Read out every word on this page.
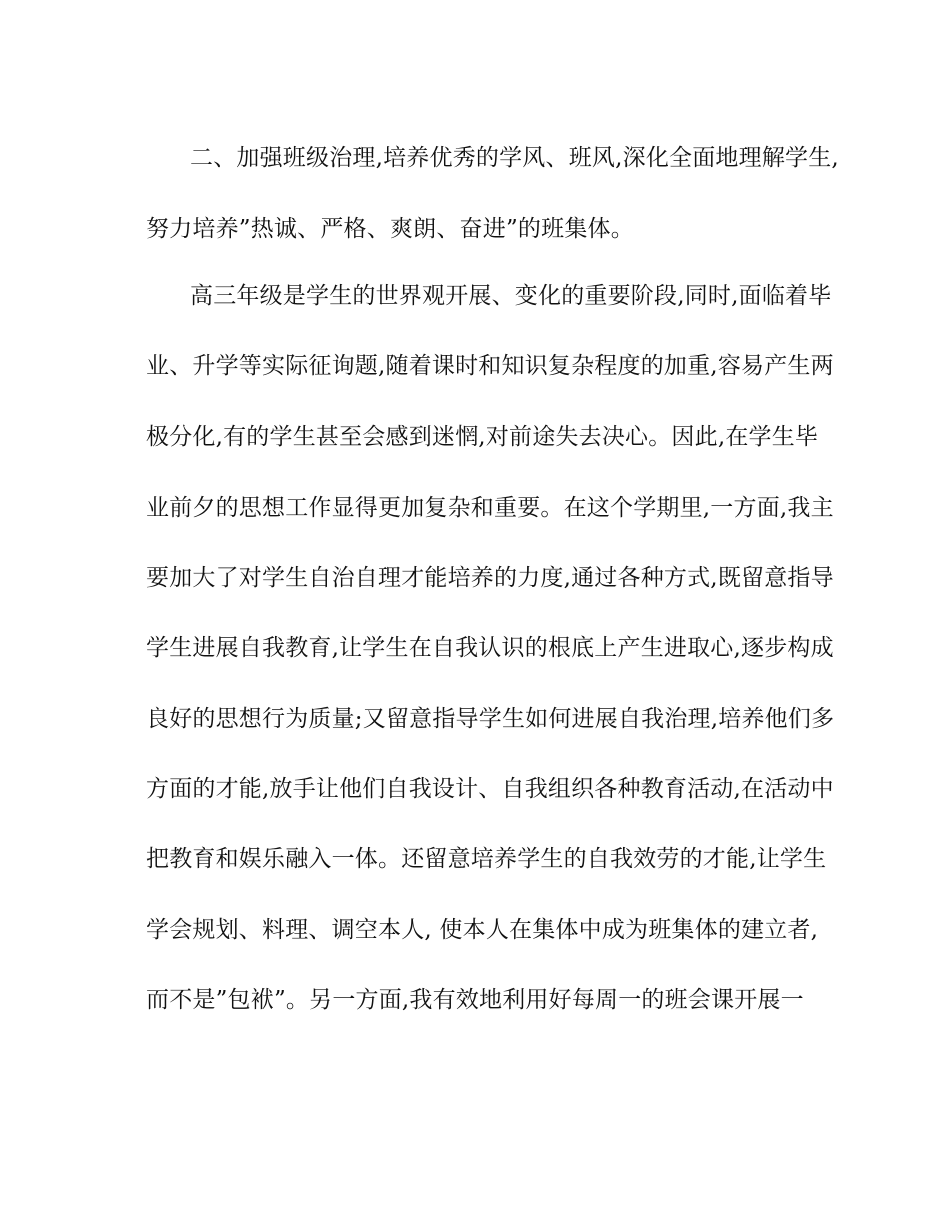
二、加强班级治理,培养优秀的学风、班风,深化全面地理解学生,
努力培养”热诚、严格、爽朗、奋进”的班集体。
高三年级是学生的世界观开展、变化的重要阶段,同时,面临着毕
业、升学等实际征询题,随着课时和知识复杂程度的加重,容易产生两
极分化,有的学生甚至会感到迷惘,对前途失去决心。因此,在学生毕
业前夕的思想工作显得更加复杂和重要。在这个学期里,一方面,我主
要加大了对学生自治自理才能培养的力度,通过各种方式,既留意指导
学生进展自我教育,让学生在自我认识的根底上产生进取心,逐步构成
良好的思想行为质量;又留意指导学生如何进展自我治理,培养他们多
方面的才能,放手让他们自我设计、自我组织各种教育活动,在活动中
把教育和娱乐融入一体。还留意培养学生的自我效劳的才能,让学生
学会规划、料理、调空本人, 使本人在集体中成为班集体的建立者,
而不是”包袱”。另一方面,我有效地利用好每周一的班会课开展一
